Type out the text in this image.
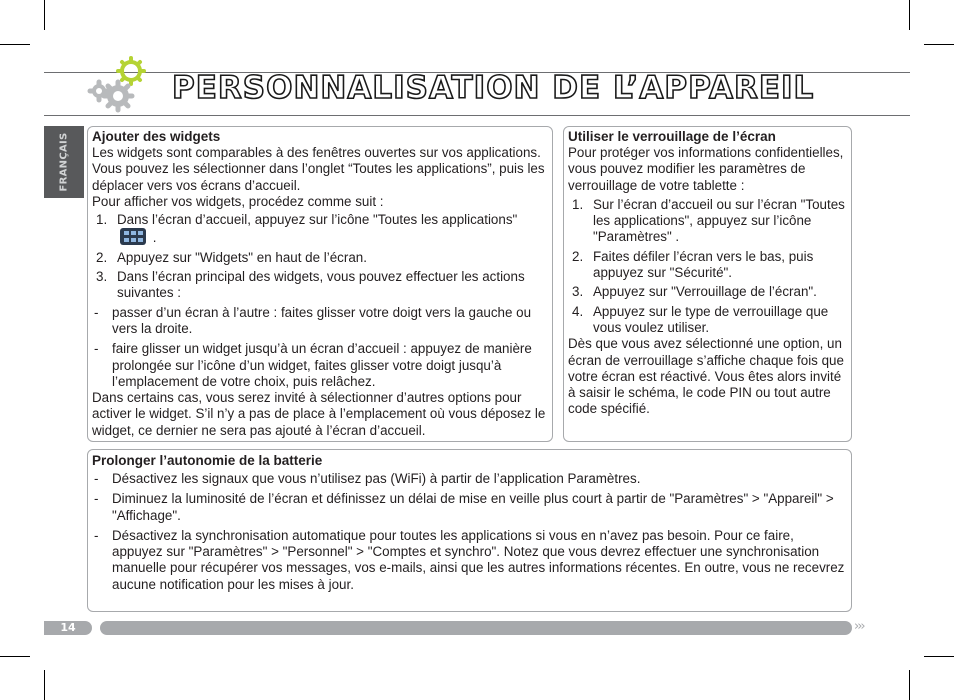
PERSONNALISATION DE L’APPAREIL
FRANÇAIS Ajouter des widgets

Les widgets sont comparables à des fenêtres ouvertes sur vos applications. Vous pouvez les sélectionner dans l’onglet “Toutes les applications”, puis les déplacer vers vos écrans d’accueil.

Pour afficher vos widgets, procédez comme suit :

1. Dans l’écran d’accueil, appuyez sur l’icône "Toutes les applications"
.
2. Appuyez sur "Widgets" en haut de l’écran.
3. Dans l’écran principal des widgets, vous pouvez effectuer les actions suivantes :
- passer d’un écran à l’autre : faites glisser votre doigt vers la gauche ou vers la droite.
- faire glisser un widget jusqu’à un écran d’accueil : appuyez de manière prolongée sur l’icône d’un widget, faites glisser votre doigt jusqu’à l’emplacement de votre choix, puis relâchez.

Dans certains cas, vous serez invité à sélectionner d’autres options pour activer le widget. S’il n’y a pas de place à l’emplacement où vous déposez le widget, ce dernier ne sera pas ajouté à l’écran d’accueil.

Utiliser le verrouillage de l’écran

Pour protéger vos informations confidentielles, vous pouvez modifier les paramètres de verrouillage de votre tablette :

1. Sur l’écran d’accueil ou sur l’écran "Toutes les applications", appuyez sur l’icône "Paramètres" .
2. Faites défiler l’écran vers le bas, puis appuyez sur "Sécurité".
3. Appuyez sur "Verrouillage de l’écran".
4. Appuyez sur le type de verrouillage que vous voulez utiliser.

Dès que vous avez sélectionné une option, un écran de verrouillage s’affiche chaque fois que votre écran est réactivé. Vous êtes alors invité à saisir le schéma, le code PIN ou tout autre code spécifié.

Prolonger l’autonomie de la batterie
- Désactivez les signaux que vous n’utilisez pas (WiFi) à partir de l’application Paramètres.
- Diminuez la luminosité de l’écran et définissez un délai de mise en veille plus court à partir de "Paramètres" > "Appareil" > "Affichage".
- Désactivez la synchronisation automatique pour toutes les applications si vous en n’avez pas besoin. Pour ce faire, appuyez sur "Paramètres" > "Personnel" > "Comptes et synchro". Notez que vous devrez effectuer une synchronisation manuelle pour récupérer vos messages, vos e-mails, ainsi que les autres informations récentes. En outre, vous ne recevrez aucune notification pour les mises à jour.
14	›››
